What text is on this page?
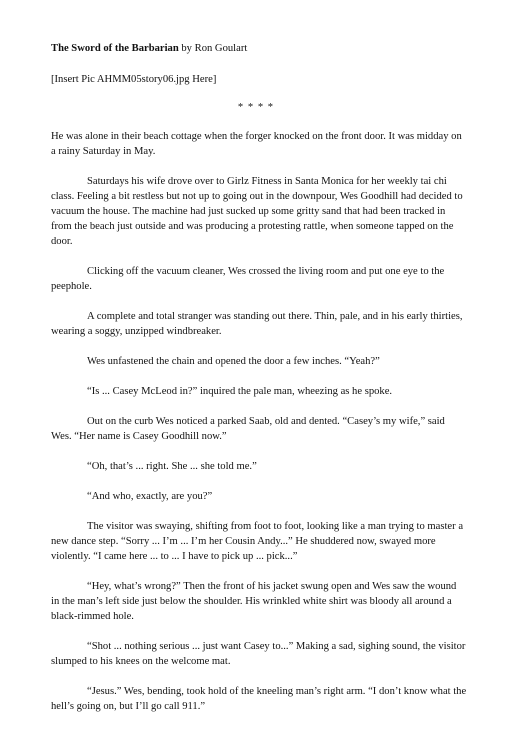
The Sword of the Barbarian by Ron Goulart

[Insert Pic AHMM05story06.jpg Here]

* * * *

He was alone in their beach cottage when the forger knocked on the front door. It was midday on a rainy Saturday in May.

Saturdays his wife drove over to Girlz Fitness in Santa Monica for her weekly tai chi class. Feeling a bit restless but not up to going out in the downpour, Wes Goodhill had decided to vacuum the house. The machine had just sucked up some gritty sand that had been tracked in from the beach just outside and was producing a protesting rattle, when someone tapped on the door.

Clicking off the vacuum cleaner, Wes crossed the living room and put one eye to the peephole.

A complete and total stranger was standing out there. Thin, pale, and in his early thirties, wearing a soggy, unzipped windbreaker.

Wes unfastened the chain and opened the door a few inches. “Yeah?”

“Is ... Casey McLeod in?” inquired the pale man, wheezing as he spoke.

Out on the curb Wes noticed a parked Saab, old and dented. “Casey’s my wife,” said Wes. “Her name is Casey Goodhill now.”

“Oh, that’s ... right. She ... she told me.”

“And who, exactly, are you?”

The visitor was swaying, shifting from foot to foot, looking like a man trying to master a new dance step. “Sorry ... I’m ... I’m her Cousin Andy...” He shuddered now, swayed more violently. “I came here ... to ... I have to pick up ... pick...”

“Hey, what’s wrong?” Then the front of his jacket swung open and Wes saw the wound in the man’s left side just below the shoulder. His wrinkled white shirt was bloody all around a black-rimmed hole.

“Shot ... nothing serious ... just want Casey to...” Making a sad, sighing sound, the visitor slumped to his knees on the welcome mat.

“Jesus.” Wes, bending, took hold of the kneeling man’s right arm. “I don’t know what the hell’s going on, but I’ll go call 911.”
